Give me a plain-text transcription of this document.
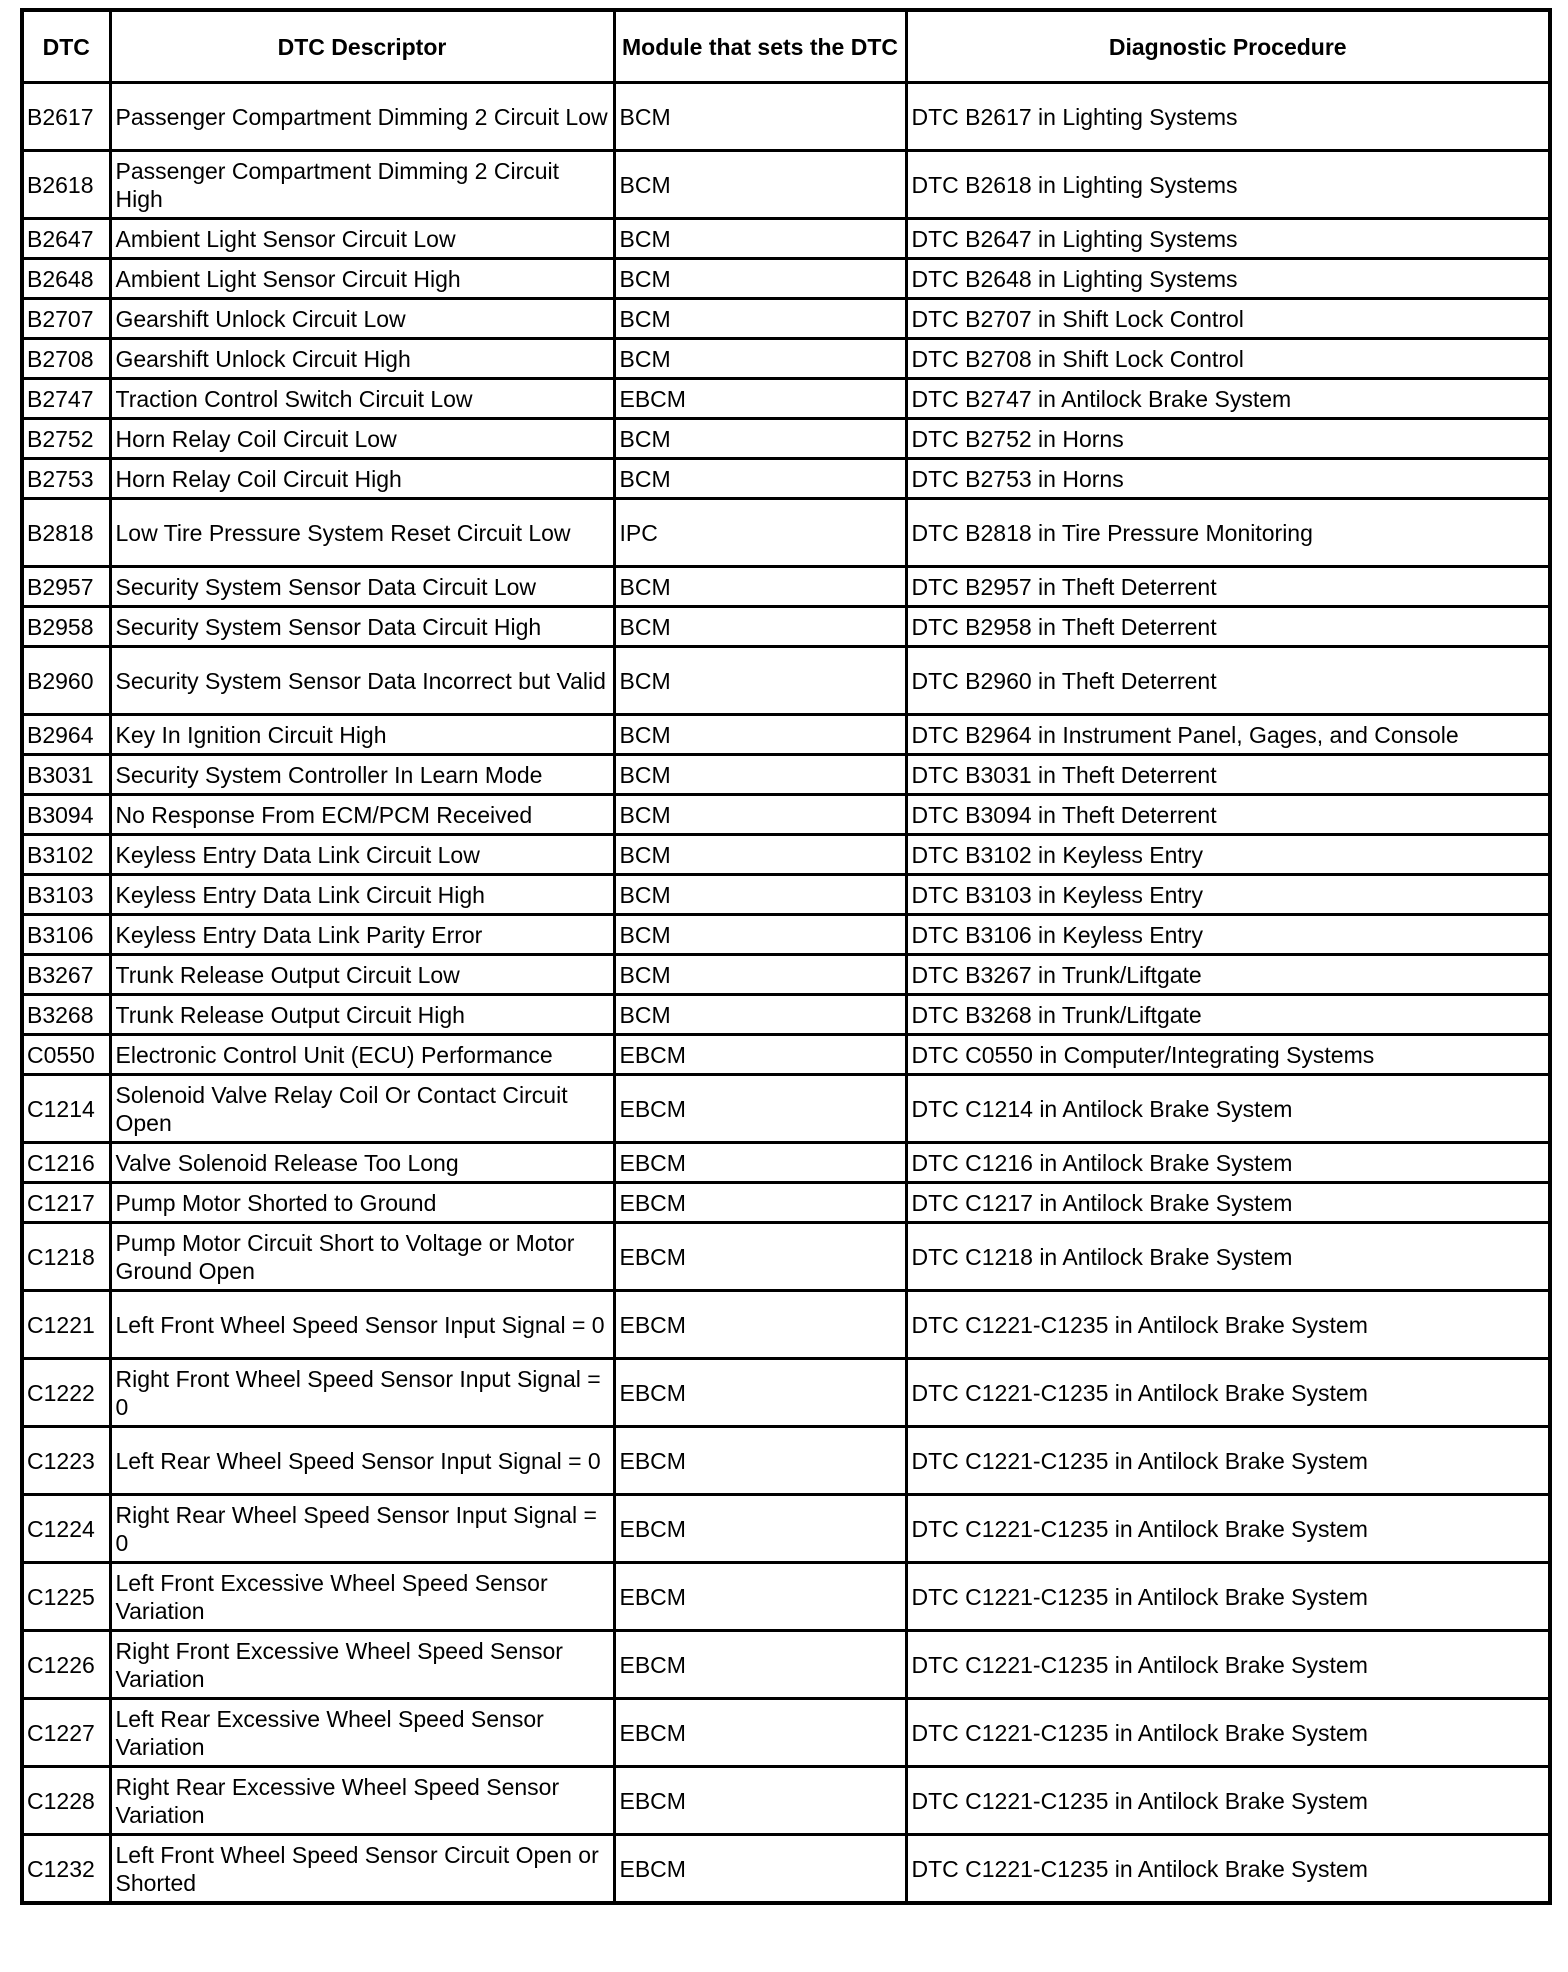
DTC	DTC Descriptor	Module that sets the DTC	Diagnostic Procedure
B2617	Passenger Compartment Dimming 2 Circuit Low	BCM	DTC B2617 in Lighting Systems
B2618	Passenger Compartment Dimming 2 Circuit High	BCM	DTC B2618 in Lighting Systems
B2647	Ambient Light Sensor Circuit Low	BCM	DTC B2647 in Lighting Systems
B2648	Ambient Light Sensor Circuit High	BCM	DTC B2648 in Lighting Systems
B2707	Gearshift Unlock Circuit Low	BCM	DTC B2707 in Shift Lock Control
B2708	Gearshift Unlock Circuit High	BCM	DTC B2708 in Shift Lock Control
B2747	Traction Control Switch Circuit Low	EBCM	DTC B2747 in Antilock Brake System
B2752	Horn Relay Coil Circuit Low	BCM	DTC B2752 in Horns
B2753	Horn Relay Coil Circuit High	BCM	DTC B2753 in Horns
B2818	Low Tire Pressure System Reset Circuit Low	IPC	DTC B2818 in Tire Pressure Monitoring
B2957	Security System Sensor Data Circuit Low	BCM	DTC B2957 in Theft Deterrent
B2958	Security System Sensor Data Circuit High	BCM	DTC B2958 in Theft Deterrent
B2960	Security System Sensor Data Incorrect but Valid	BCM	DTC B2960 in Theft Deterrent
B2964	Key In Ignition Circuit High	BCM	DTC B2964 in Instrument Panel, Gages, and Console
B3031	Security System Controller In Learn Mode	BCM	DTC B3031 in Theft Deterrent
B3094	No Response From ECM/PCM Received	BCM	DTC B3094 in Theft Deterrent
B3102	Keyless Entry Data Link Circuit Low	BCM	DTC B3102 in Keyless Entry
B3103	Keyless Entry Data Link Circuit High	BCM	DTC B3103 in Keyless Entry
B3106	Keyless Entry Data Link Parity Error	BCM	DTC B3106 in Keyless Entry
B3267	Trunk Release Output Circuit Low	BCM	DTC B3267 in Trunk/Liftgate
B3268	Trunk Release Output Circuit High	BCM	DTC B3268 in Trunk/Liftgate
C0550	Electronic Control Unit (ECU) Performance	EBCM	DTC C0550 in Computer/Integrating Systems
C1214	Solenoid Valve Relay Coil Or Contact Circuit Open	EBCM	DTC C1214 in Antilock Brake System
C1216	Valve Solenoid Release Too Long	EBCM	DTC C1216 in Antilock Brake System
C1217	Pump Motor Shorted to Ground	EBCM	DTC C1217 in Antilock Brake System
C1218	Pump Motor Circuit Short to Voltage or Motor Ground Open	EBCM	DTC C1218 in Antilock Brake System
C1221	Left Front Wheel Speed Sensor Input Signal = 0	EBCM	DTC C1221-C1235 in Antilock Brake System
C1222	Right Front Wheel Speed Sensor Input Signal = 0	EBCM	DTC C1221-C1235 in Antilock Brake System
C1223	Left Rear Wheel Speed Sensor Input Signal = 0	EBCM	DTC C1221-C1235 in Antilock Brake System
C1224	Right Rear Wheel Speed Sensor Input Signal = 0	EBCM	DTC C1221-C1235 in Antilock Brake System
C1225	Left Front Excessive Wheel Speed Sensor Variation	EBCM	DTC C1221-C1235 in Antilock Brake System
C1226	Right Front Excessive Wheel Speed Sensor Variation	EBCM	DTC C1221-C1235 in Antilock Brake System
C1227	Left Rear Excessive Wheel Speed Sensor Variation	EBCM	DTC C1221-C1235 in Antilock Brake System
C1228	Right Rear Excessive Wheel Speed Sensor Variation	EBCM	DTC C1221-C1235 in Antilock Brake System
C1232	Left Front Wheel Speed Sensor Circuit Open or Shorted	EBCM	DTC C1221-C1235 in Antilock Brake System
